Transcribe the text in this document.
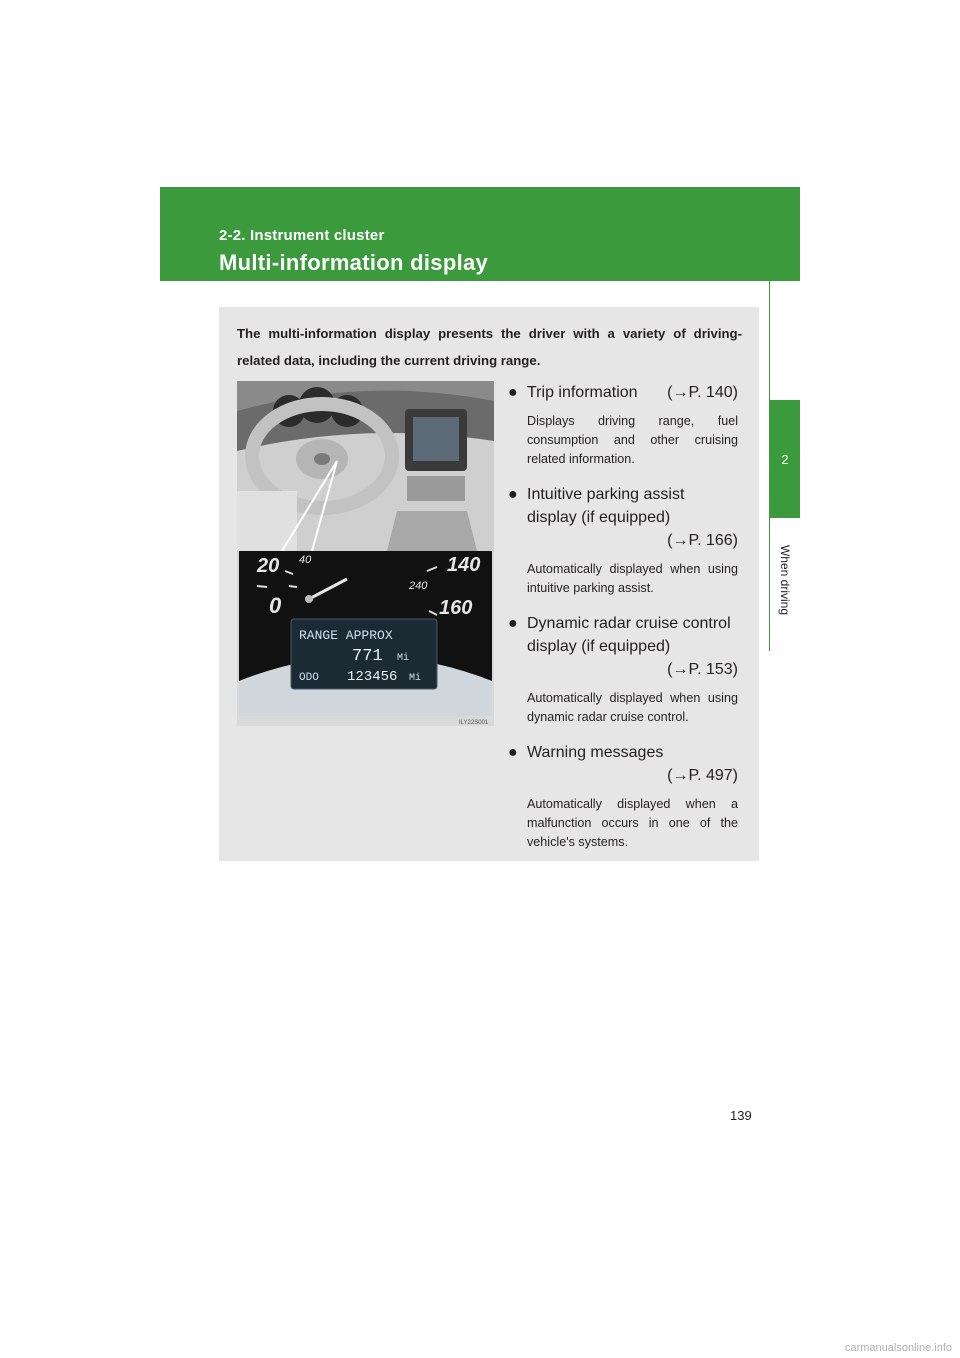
2-2. Instrument cluster
Multi-information display
2
When driving
The multi-information display presents the driver with a variety of driving-related data, including the current driving range.
20 40
0
140
240
160
RANGE APPROX
771 Mi
ODO 123456 Mi
ILY22S001
● Trip information (→P. 140)
Displays driving range, fuel consumption and other cruising related information.
● Intuitive parking assist display (if equipped)
(→P. 166)
Automatically displayed when using intuitive parking assist.
● Dynamic radar cruise control display (if equipped)
(→P. 153)
Automatically displayed when using dynamic radar cruise control.
● Warning messages
(→P. 497)
Automatically displayed when a malfunction occurs in one of the vehicle's systems.
139
carmanualsonline.info
